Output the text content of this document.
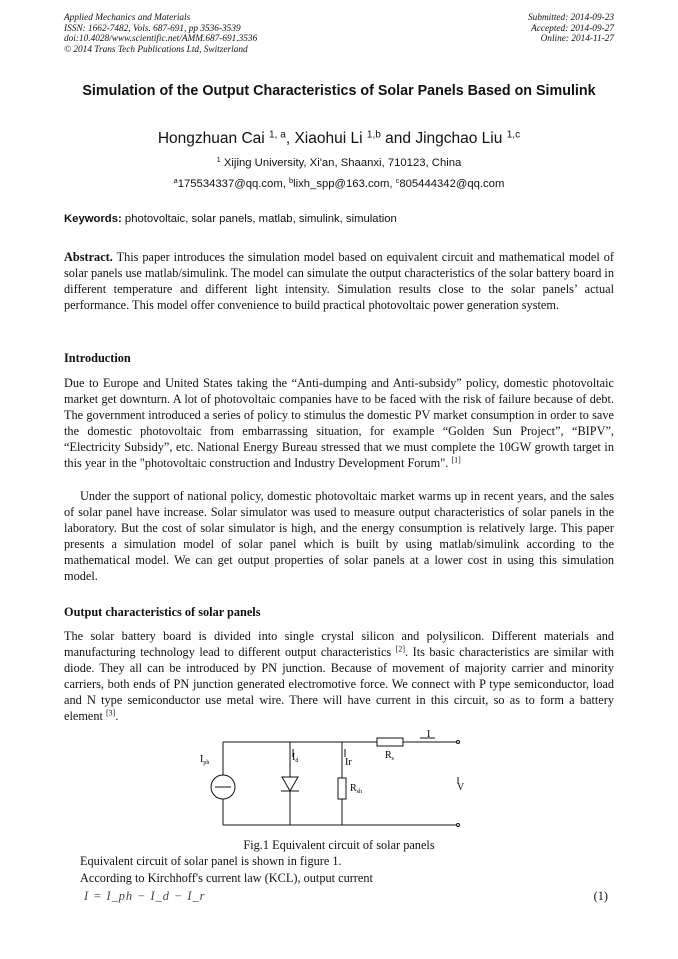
Applied Mechanics and Materials
ISSN: 1662-7482, Vols. 687-691, pp 3536-3539
doi:10.4028/www.scientific.net/AMM.687-691.3536
© 2014 Trans Tech Publications Ltd, Switzerland
Submitted: 2014-09-23
Accepted: 2014-09-27
Online: 2014-11-27
Simulation of the Output Characteristics of Solar Panels Based on Simulink
Hongzhuan Cai $^{1, a}$, Xiaohui Li $^{1,b}$ and Jingchao Liu $^{1,c}$
$^1$ Xijing University, Xi'an, Shaanxi, 710123, China
$^a$175534337@qq.com, $^b$lixh_spp@163.com, $^c$805444342@qq.com
Keywords: photovoltaic, solar panels, matlab, simulink, simulation

Abstract. This paper introduces the simulation model based on equivalent circuit and mathematical model of solar panels use matlab/simulink. The model can simulate the output characteristics of the solar battery board in different temperature and different light intensity. Simulation results close to the solar panels’ actual performance. This model offer convenience to build practical photovoltaic power generation system.

Introduction

Due to Europe and United States taking the “Anti-dumping and Anti-subsidy” policy, domestic photovoltaic market get downturn. A lot of photovoltaic companies have to be faced with the risk of failure because of debt. The government introduced a series of policy to stimulus the domestic PV market consumption in order to save the domestic photovoltaic from embarrassing situation, for example “Golden Sun Project”, “BIPV”, “Electricity Subsidy”, etc. National Energy Bureau stressed that we must complete the 10GW growth target in this year in the "photovoltaic construction and Industry Development Forum". [1]

Under the support of national policy, domestic photovoltaic market warms up in recent years, and the sales of solar panel have increase. Solar simulator was used to measure output characteristics of solar panels in the laboratory. But the cost of solar simulator is high, and the energy consumption is relatively large. This paper presents a simulation model of solar panel which is built by using matlab/simulink according to the mathematical model. We can get output properties of solar panels at a lower cost in using this simulation model.

Output characteristics of solar panels

The solar battery board is divided into single crystal silicon and polysilicon. Different materials and manufacturing technology lead to different output characteristics [2]. Its basic characteristics are similar with diode. They all can be introduced by PN junction. Because of movement of majority carrier and minority carriers, both ends of PN junction generated electromotive force. We connect with P type semiconductor, load and N type semiconductor use metal wire. There will have current in this circuit, so as to form a battery element [3].

$I_{ph}$	$I_d$	Ir
$R_{sh}$
$R_s$
I
V
Fig.1 Equivalent circuit of solar panels
Equivalent circuit of solar panel is shown in figure 1.
According to Kirchhoff's current law (KCL), output current
I = I_ph − I_d − I_r	(1)
